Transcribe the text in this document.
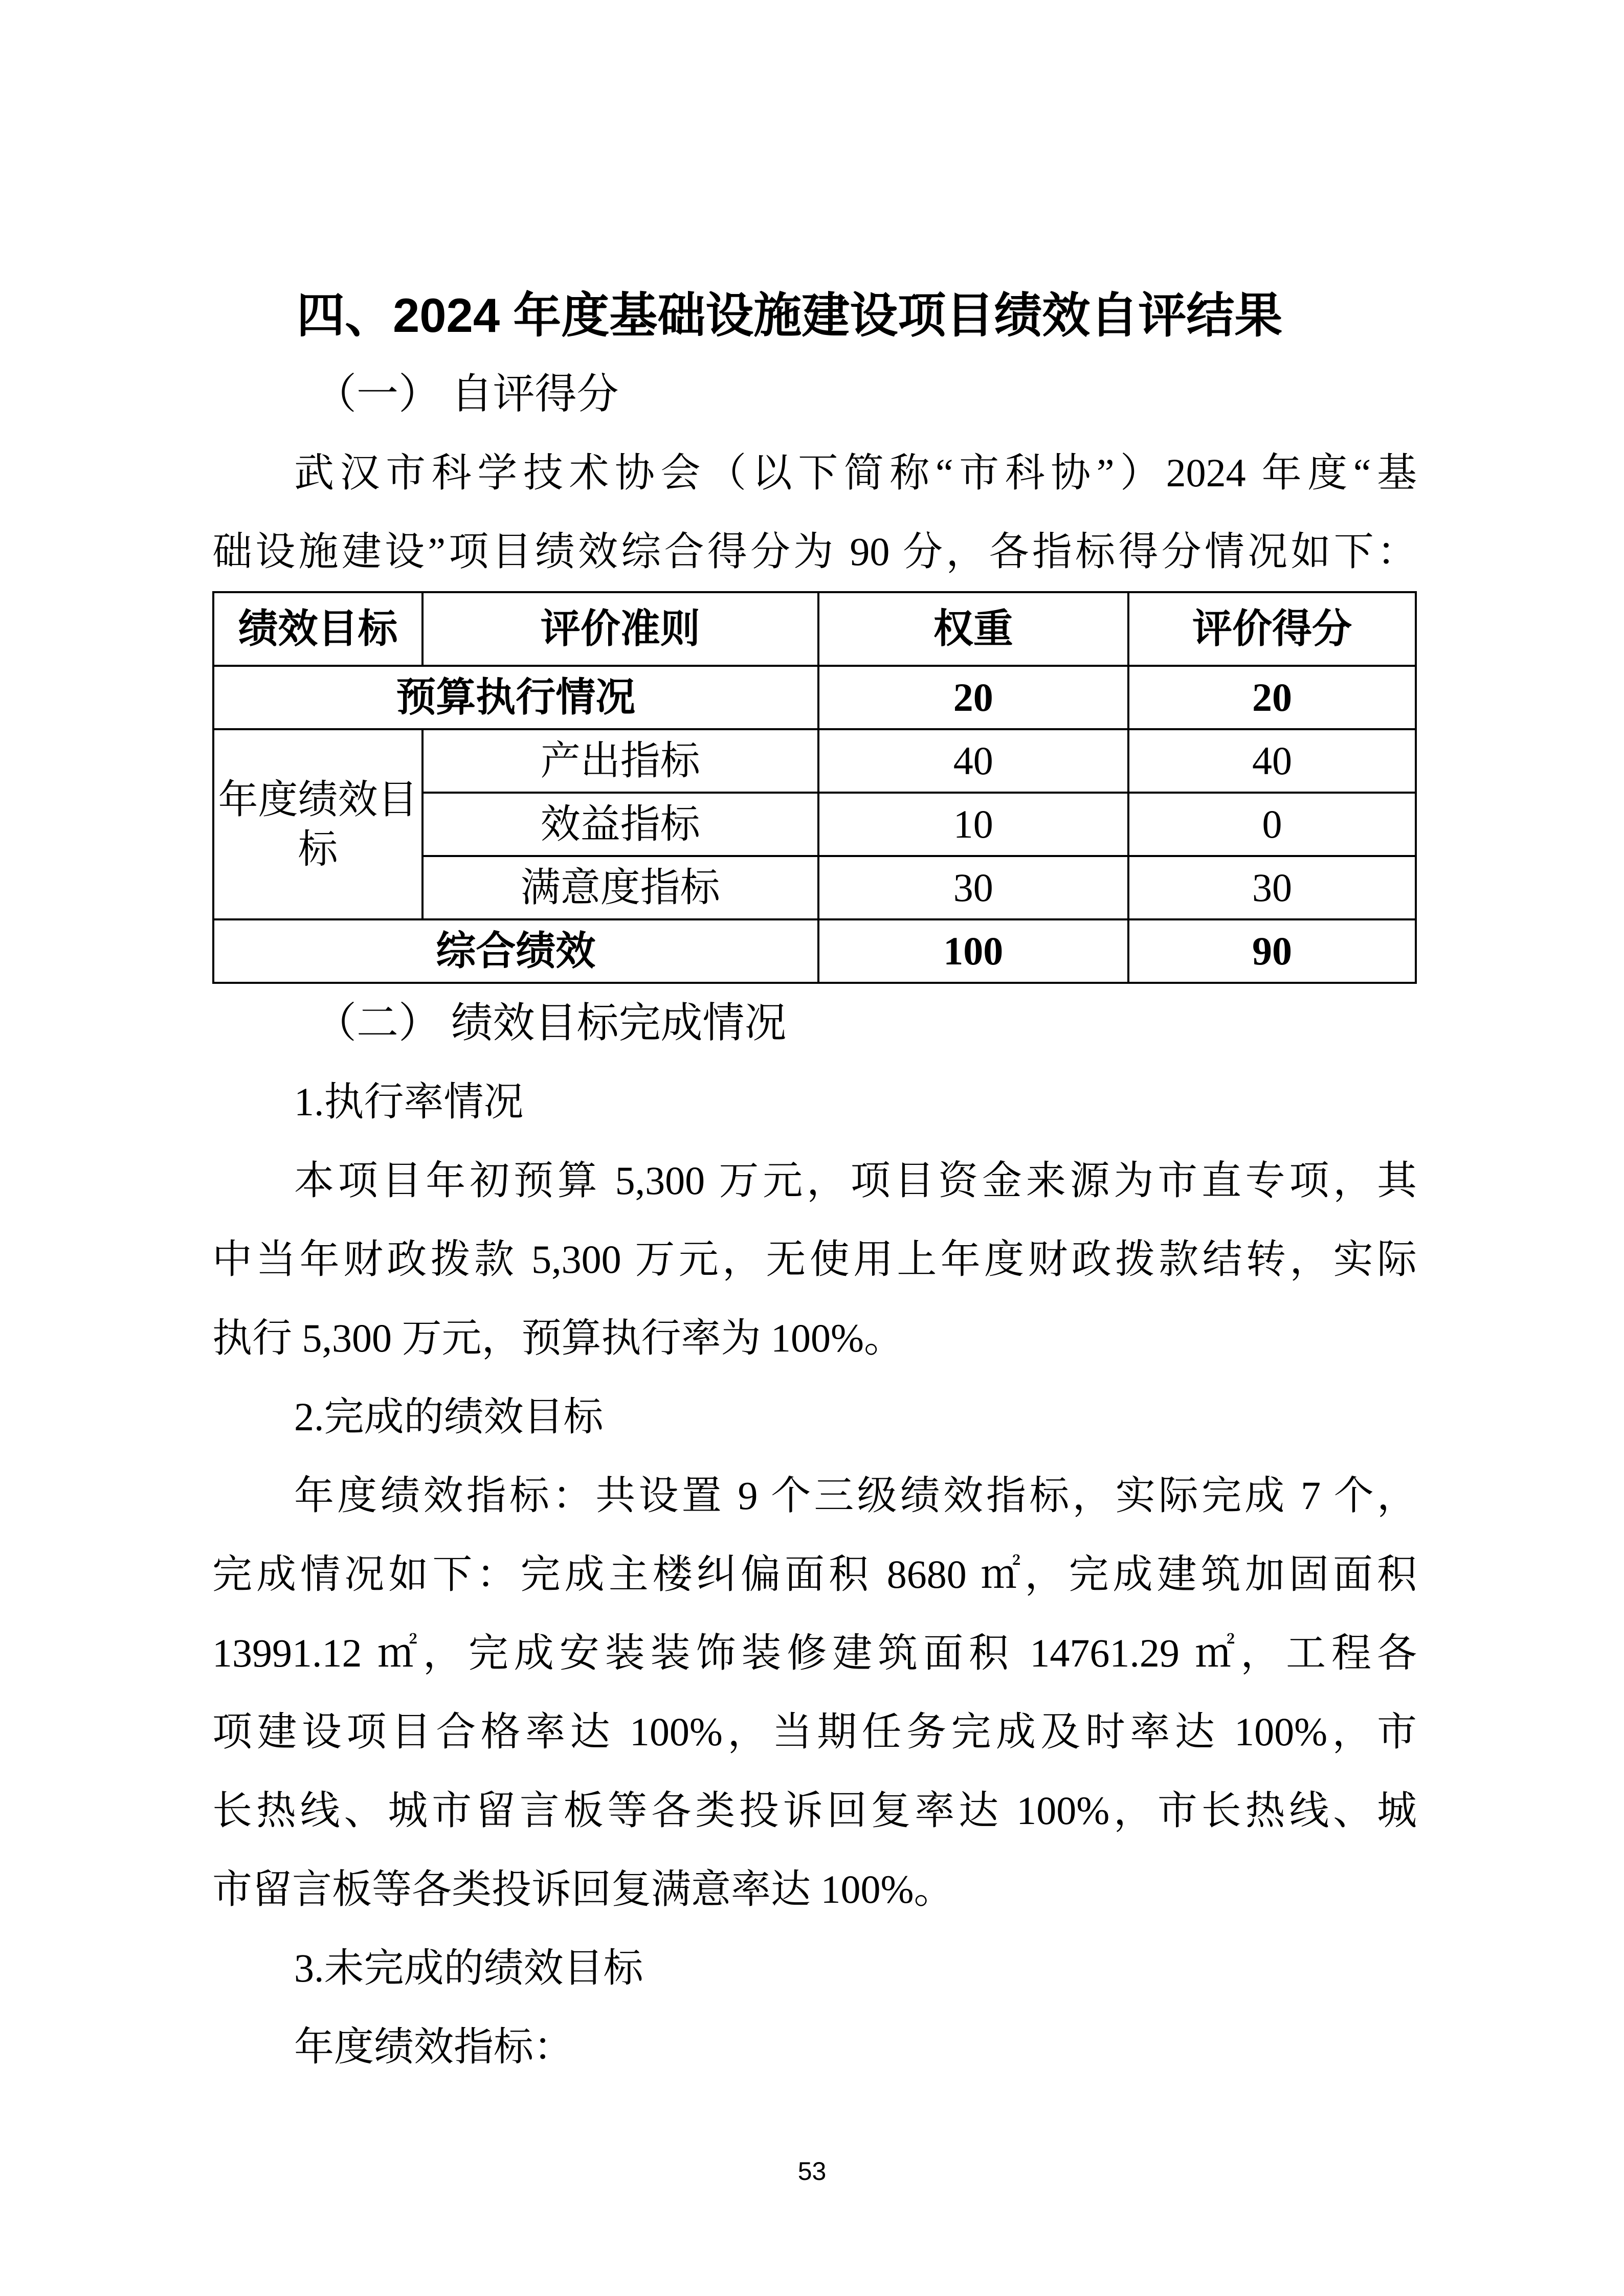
四、2024 年度基础设施建设项目绩效自评结果
（一） 自评得分
武汉市科学技术协会（以下简称“市科协”）2024 年度“基
础设施建设”项目绩效综合得分为 90 分，各指标得分情况如下：
绩效目标	评价准则	权重	评价得分
预算执行情况		20	20
年度绩效目标	产出指标	40	40
	效益指标	10	0
	满意度指标	30	30
综合绩效		100	90
（二） 绩效目标完成情况
1.执行率情况
本项目年初预算 5,300 万元，项目资金来源为市直专项，其
中当年财政拨款 5,300 万元，无使用上年度财政拨款结转，实际
执行 5,300 万元，预算执行率为 100%。
2.完成的绩效目标
年度绩效指标：共设置 9 个三级绩效指标，实际完成 7 个，
完成情况如下：完成主楼纠偏面积 8680 ㎡，完成建筑加固面积
13991.12 ㎡，完成安装装饰装修建筑面积 14761.29 ㎡，工程各
项建设项目合格率达 100%，当期任务完成及时率达 100%，市
长热线、城市留言板等各类投诉回复率达 100%，市长热线、城
市留言板等各类投诉回复满意率达 100%。
3.未完成的绩效目标
年度绩效指标：
53
